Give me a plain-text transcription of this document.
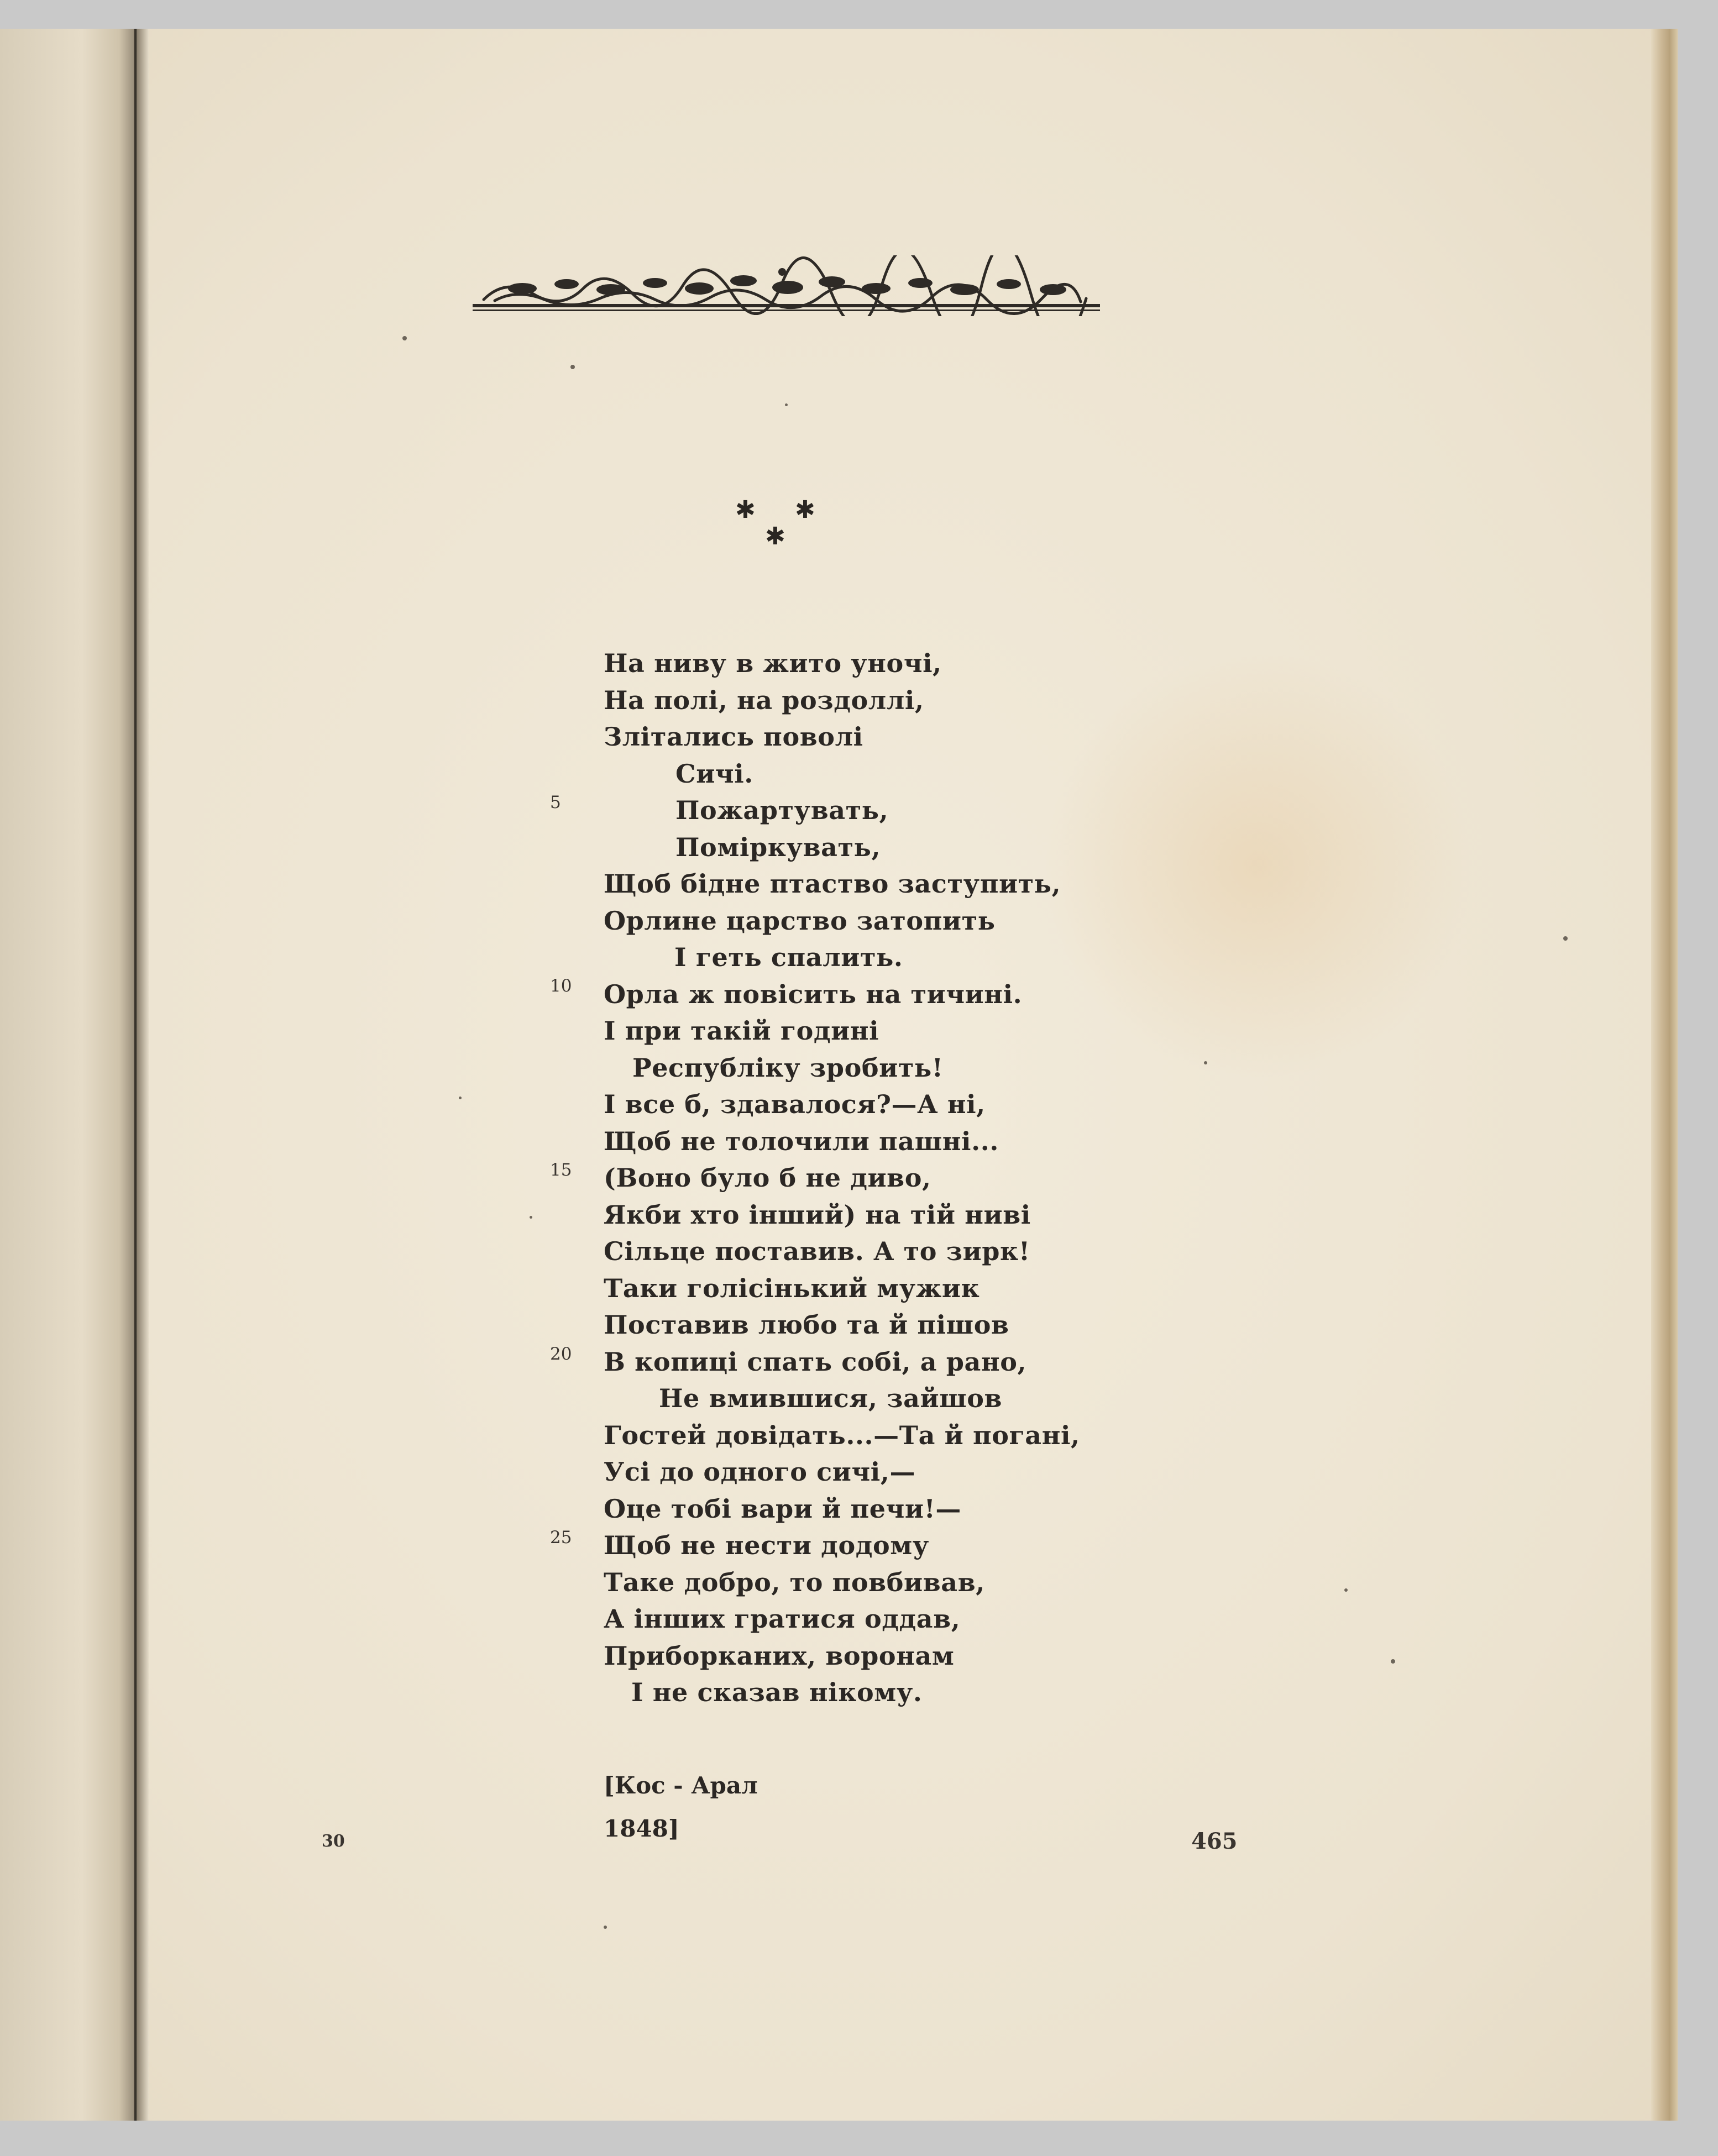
✱ ✱
✱
На ниву в жито уночі,
На полі, на роздоллі,
Злітались поволі
Сичі.
Пожартувать,
Поміркувать,
Щоб бідне птаство заступить,
Орлине царство затопить
І геть спалить.
Орла ж повісить на тичині.
І при такій годині
Республіку зробить!
І все б, здавалося?—А ні,
Щоб не толочили пашні...
(Воно було б не диво,
Якби хто інший) на тій ниві
Сільце поставив. А то зирк!
Таки голісінький мужик
Поставив любо та й пішов
В копиці спать собі, а рано,
Не вмившися, зайшов
Гостей довідать...—Та й погані,
Усі до одного сичі,—
Оце тобі вари й печи!—
Щоб не нести додому
Таке добро, то повбивав,
А інших гратися оддав,
Приборканих, воронам
І не сказав нікому.
5
10
15
20
25
[Кос - Арал
1848]
30	465
